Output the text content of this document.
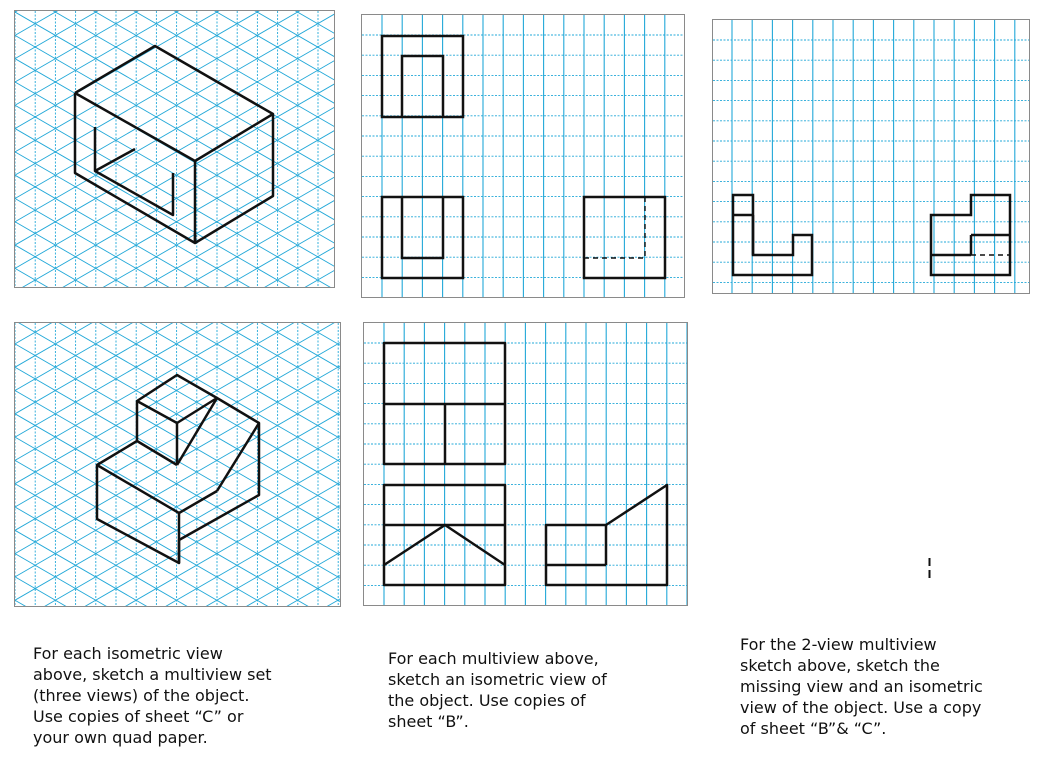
For each isometric view
above, sketch a multiview set
(three views) of the object.
Use copies of sheet “C” or
your own quad paper.
For each multiview above,
sketch an isometric view of
the object. Use copies of
sheet “B”.
For the 2-view multiview
sketch above, sketch the
missing view and an isometric
view of the object. Use a copy
of sheet “B”& “C”.
